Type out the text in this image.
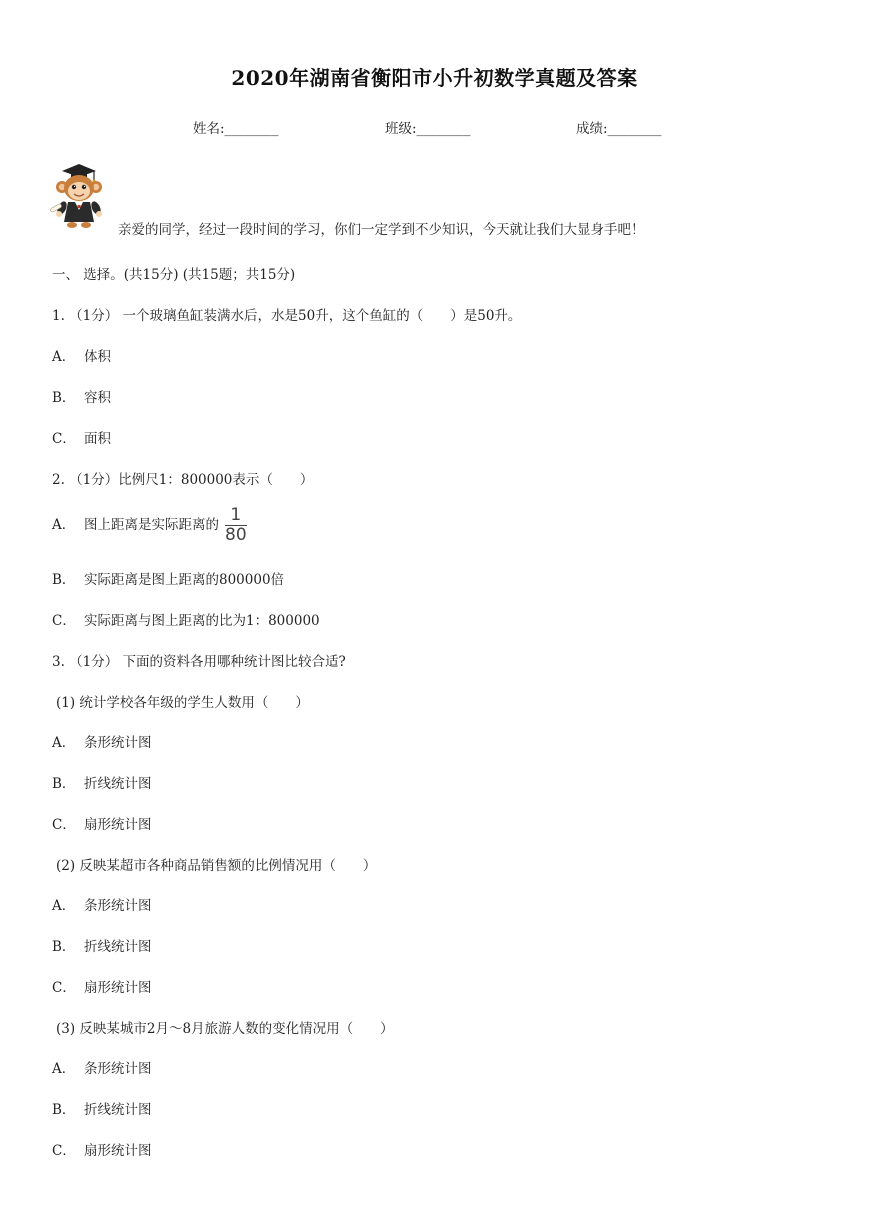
2020年湖南省衡阳市小升初数学真题及答案
姓名:________	班级:________	成绩:________
亲爱的同学，经过一段时间的学习，你们一定学到不少知识，今天就让我们大显身手吧！
一、 选择。(共15分) (共15题；共15分)
1. （1分） 一个玻璃鱼缸装满水后，水是50升，这个鱼缸的（　　）是50升。
A． 体积
B． 容积
C． 面积
2. （1分）比例尺1：800000表示（　　）
A． 图上距离是实际距离的 $\frac{1}{80}$
B． 实际距离是图上距离的800000倍
C． 实际距离与图上距离的比为1：800000
3. （1分） 下面的资料各用哪种统计图比较合适?
(1) 统计学校各年级的学生人数用（　　）
A． 条形统计图
B． 折线统计图
C． 扇形统计图
(2) 反映某超市各种商品销售额的比例情况用（　　）
A． 条形统计图
B． 折线统计图
C． 扇形统计图
(3) 反映某城市2月～8月旅游人数的变化情况用（　　）
A． 条形统计图
B． 折线统计图
C． 扇形统计图
